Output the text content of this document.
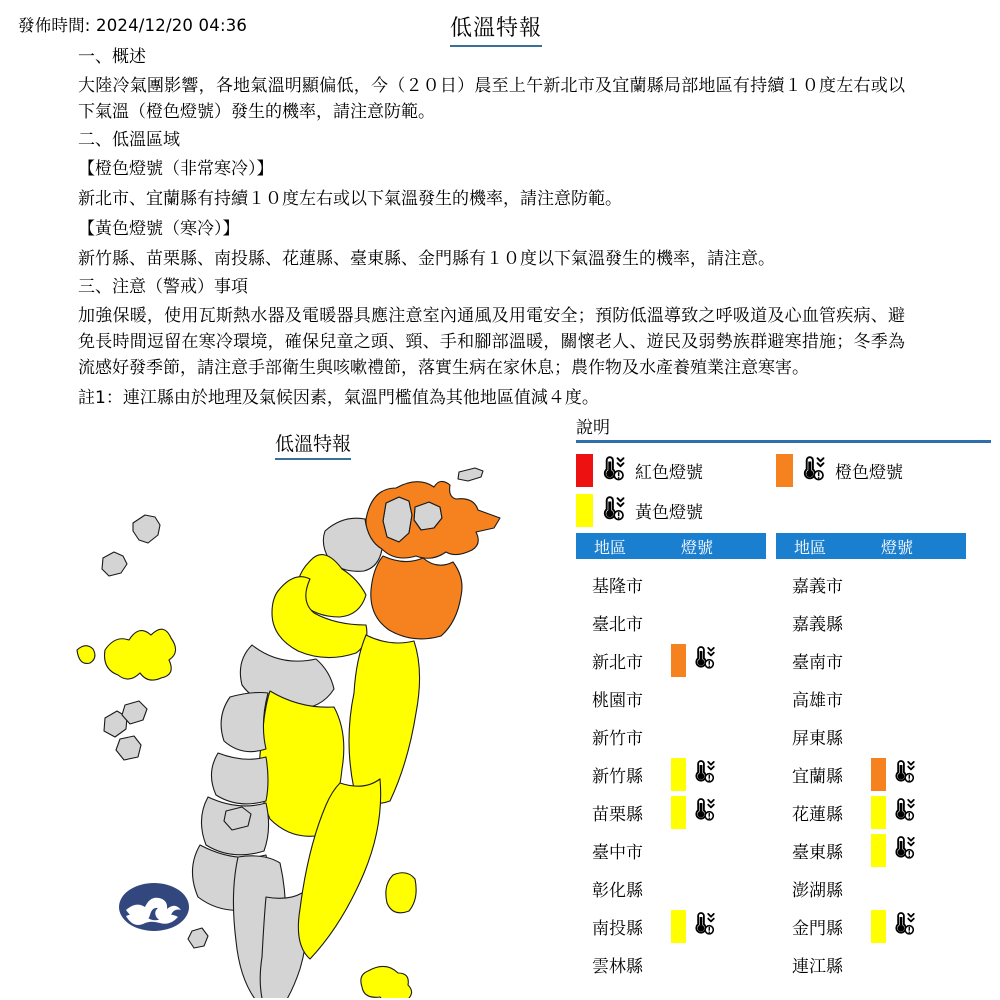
發佈時間: 2024/12/20 04:36	低溫特報
一、概述
大陸冷氣團影響，各地氣溫明顯偏低，今（２０日）晨至上午新北市及宜蘭縣局部地區有持續１０度左右或以下氣溫（橙色燈號）發生的機率，請注意防範。
二、低溫區域
【橙色燈號（非常寒冷）】
新北市、宜蘭縣有持續１０度左右或以下氣溫發生的機率，請注意防範。
【黃色燈號（寒冷）】
新竹縣、苗栗縣、南投縣、花蓮縣、臺東縣、金門縣有１０度以下氣溫發生的機率，請注意。
三、注意（警戒）事項
加強保暖，使用瓦斯熱水器及電暖器具應注意室內通風及用電安全；預防低溫導致之呼吸道及心血管疾病、避免長時間逗留在寒冷環境，確保兒童之頭、頸、手和腳部溫暖，關懷老人、遊民及弱勢族群避寒措施；冬季為流感好發季節，請注意手部衛生與咳嗽禮節，落實生病在家休息；農作物及水產養殖業注意寒害。
註1：連江縣由於地理及氣候因素，氣溫門檻值為其他地區值減４度。
低溫特報
說明
紅色燈號	橙色燈號
黃色燈號
地區	燈號
基隆市
臺北市
新北市
桃園市
新竹市
新竹縣
苗栗縣
臺中市
彰化縣
南投縣
雲林縣
地區	燈號
嘉義市
嘉義縣
臺南市
高雄市
屏東縣
宜蘭縣
花蓮縣
臺東縣
澎湖縣
金門縣
連江縣
